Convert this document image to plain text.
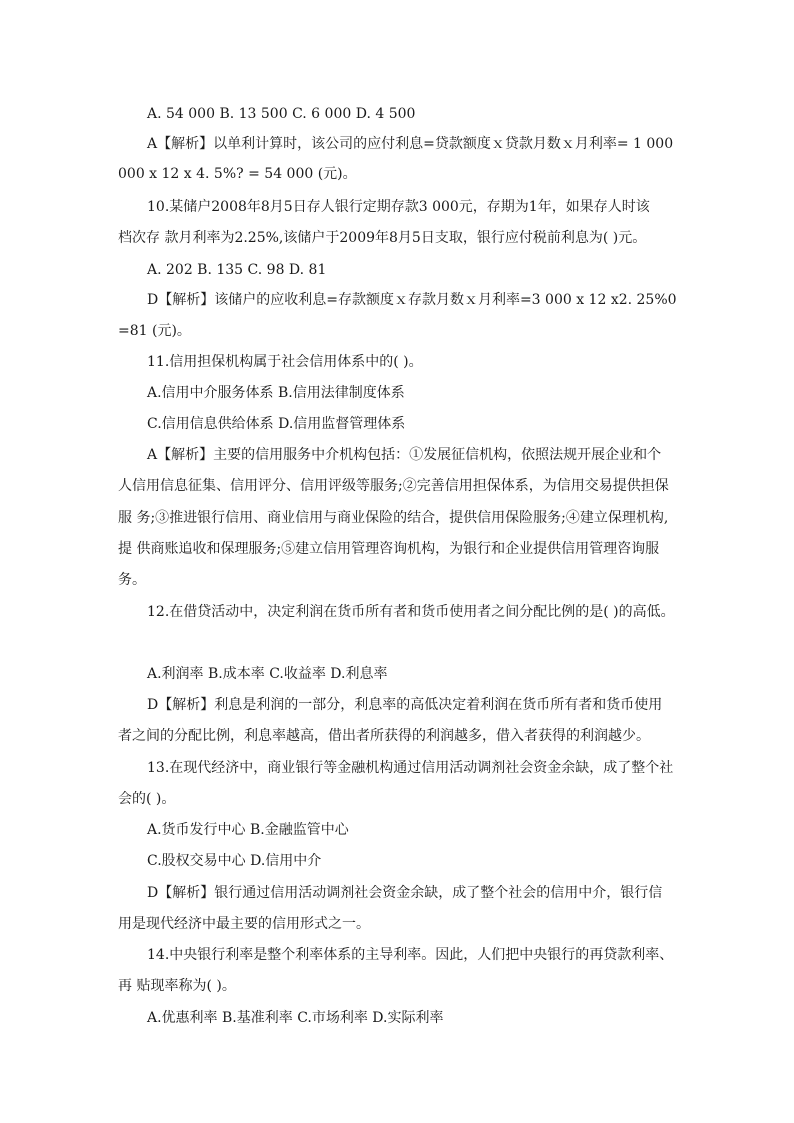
A. 54 000 B. 13 500 C. 6 000 D. 4 500
A【解析】以单利计算时，该公司的应付利息=贷款额度ｘ贷款月数ｘ月利率= 1 000
000 x 12 x 4. 5%? = 54 000 (元)。
10.某储户2008年8月5日存人银行定期存款3 000元，存期为1年，如果存人时该
档次存 款月利率为2.25%,该储户于2009年8月5日支取，银行应付税前利息为( )元。
A. 202 B. 135 C. 98 D. 81
D【解析】该储户的应收利息=存款额度ｘ存款月数ｘ月利率=3 000 x 12 x2. 25%0
=81 (元)。
11.信用担保机构属于社会信用体系中的( )。
A.信用中介服务体系 B.信用法律制度体系
C.信用信息供给体系 D.信用监督管理体系
A【解析】主要的信用服务中介机构包括：①发展征信机构，依照法规开展企业和个
人信用信息征集、信用评分、信用评级等服务;②完善信用担保体系，为信用交易提供担保
服 务;③推进银行信用、商业信用与商业保险的结合，提供信用保险服务;④建立保理机构,
提 供商账追收和保理服务;⑤建立信用管理咨询机构，为银行和企业提供信用管理咨询服
务。
12.在借贷活动中，决定利润在货币所有者和货币使用者之间分配比例的是( )的高低。
A.利润率 B.成本率 C.收益率 D.利息率
D【解析】利息是利润的一部分，利息率的高低决定着利润在货币所有者和货币使用
者之间的分配比例，利息率越高，借出者所获得的利润越多，借入者获得的利润越少。
13.在现代经济中，商业银行等金融机构通过信用活动调剂社会资金余缺，成了整个社
会的( )。
A.货币发行中心 B.金融监管中心
C.股权交易中心 D.信用中介
D【解析】银行通过信用活动调剂社会资金余缺，成了整个社会的信用中介，银行信
用是现代经济中最主要的信用形式之一。
14.中央银行利率是整个利率体系的主导利率。因此，人们把中央银行的再贷款利率、
再 贴现率称为( )。
A.优惠利率 B.基准利率 C.市场利率 D.实际利率
